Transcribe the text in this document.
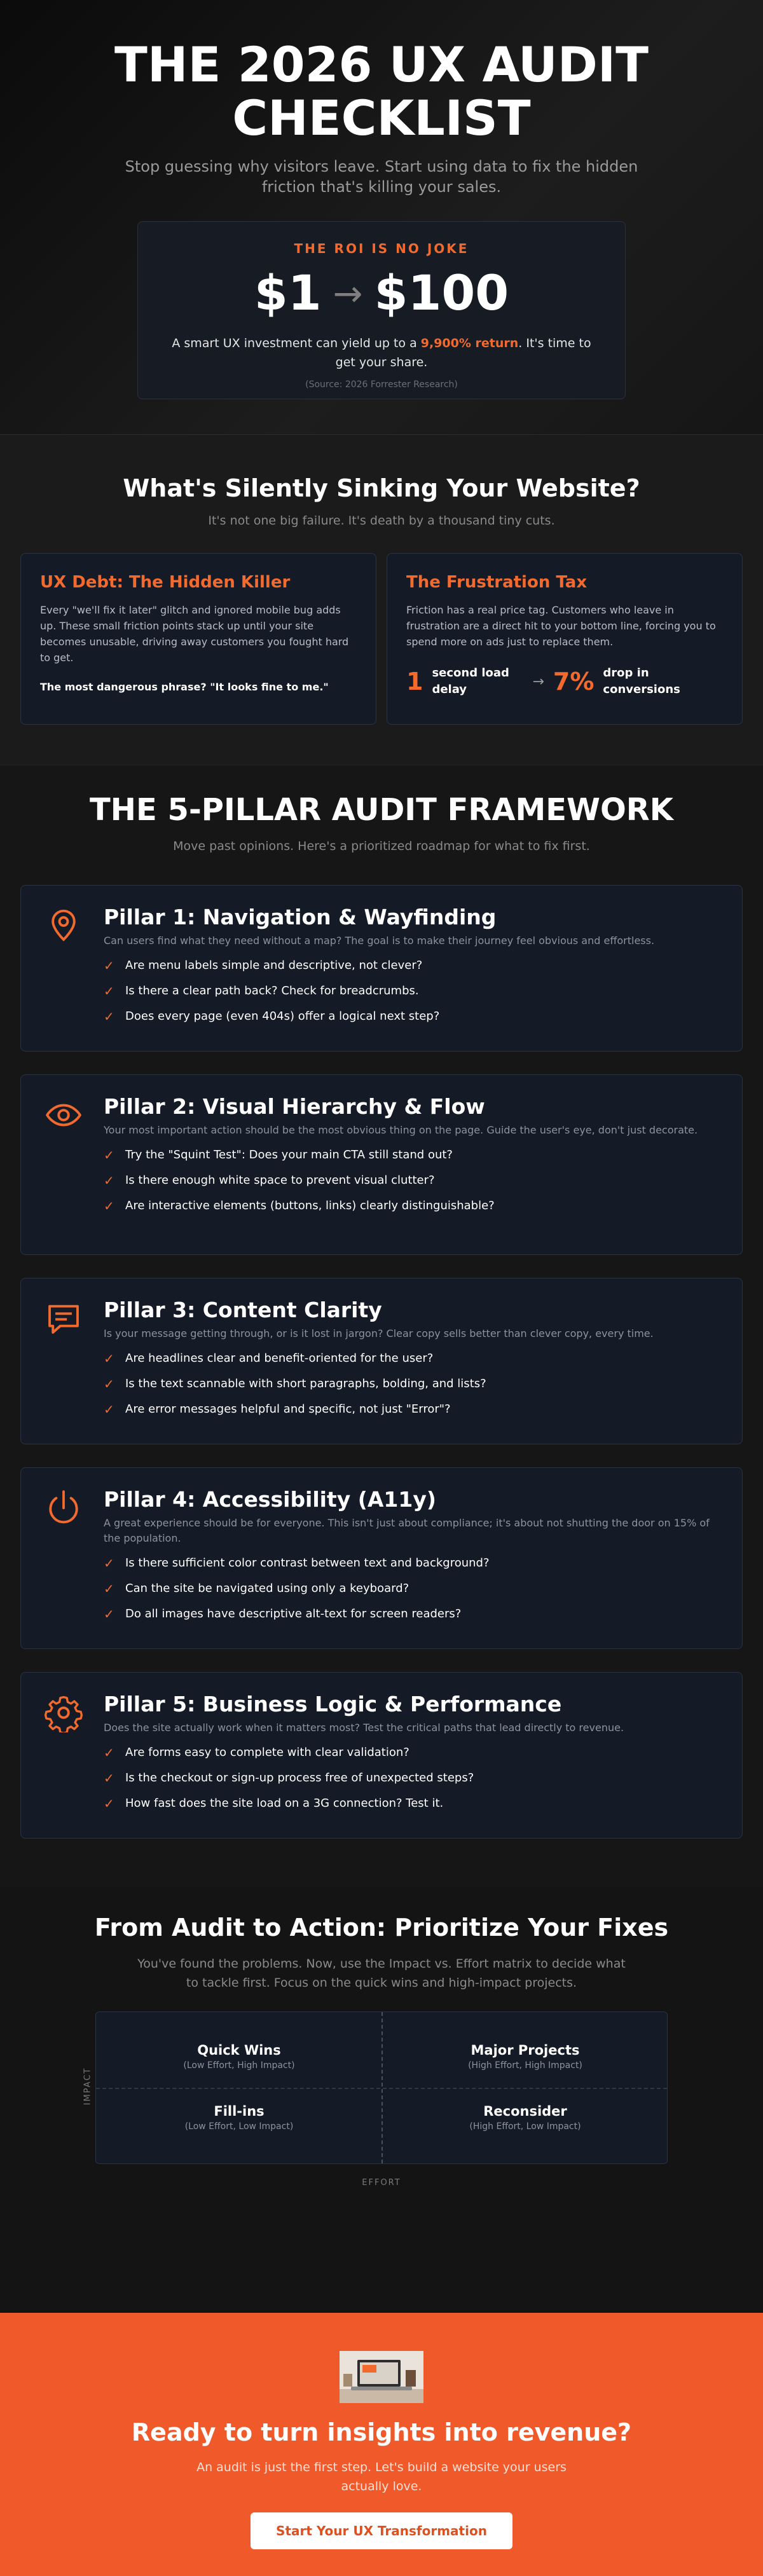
THE 2026 UX AUDIT CHECKLIST
Stop guessing why visitors leave. Start using data to fix the hidden friction that's killing your sales.
THE ROI IS NO JOKE
$1 → $100
A smart UX investment can yield up to a 9,900% return. It's time to get your share.
(Source: 2026 Forrester Research)
What's Silently Sinking Your Website?
It's not one big failure. It's death by a thousand tiny cuts.
UX Debt: The Hidden Killer

Every "we'll fix it later" glitch and ignored mobile bug adds up. These small friction points stack up until your site becomes unusable, driving away customers you fought hard to get.

The most dangerous phrase? "It looks fine to me."
The Frustration Tax

Friction has a real price tag. Customers who leave in frustration are a direct hit to your bottom line, forcing you to spend more on ads just to replace them.

1 second load delay	→ 7% drop in conversions
THE 5-PILLAR AUDIT FRAMEWORK
Move past opinions. Here's a prioritized roadmap for what to fix first.
Pillar 1: Navigation & Wayfinding
Can users find what they need without a map? The goal is to make their journey feel obvious and effortless.
✓ Are menu labels simple and descriptive, not clever?
✓ Is there a clear path back? Check for breadcrumbs.
✓ Does every page (even 404s) offer a logical next step?
Pillar 2: Visual Hierarchy & Flow
Your most important action should be the most obvious thing on the page. Guide the user's eye, don't just decorate.
✓ Try the "Squint Test": Does your main CTA still stand out?
✓ Is there enough white space to prevent visual clutter?
✓ Are interactive elements (buttons, links) clearly distinguishable?
Pillar 3: Content Clarity
Is your message getting through, or is it lost in jargon? Clear copy sells better than clever copy, every time.
✓ Are headlines clear and benefit-oriented for the user?
✓ Is the text scannable with short paragraphs, bolding, and lists?
✓ Are error messages helpful and specific, not just "Error"?
Pillar 4: Accessibility (A11y)
A great experience should be for everyone. This isn't just about compliance; it's about not shutting the door on 15% of the population.
✓ Is there sufficient color contrast between text and background?
✓ Can the site be navigated using only a keyboard?
✓ Do all images have descriptive alt-text for screen readers?
Pillar 5: Business Logic & Performance
Does the site actually work when it matters most? Test the critical paths that lead directly to revenue.
✓ Are forms easy to complete with clear validation?
✓ Is the checkout or sign-up process free of unexpected steps?
✓ How fast does the site load on a 3G connection? Test it.
From Audit to Action: Prioritize Your Fixes
You've found the problems. Now, use the Impact vs. Effort matrix to decide what to tackle first. Focus on the quick wins and high-impact projects.
IMPACT
Quick Wins
(Low Effort, High Impact)
Major Projects
(High Effort, High Impact)
Fill-ins
(Low Effort, Low Impact)
Reconsider
(High Effort, Low Impact)
EFFORT
Ready to turn insights into revenue?
An audit is just the first step. Let's build a website your users actually love.
Start Your UX Transformation
